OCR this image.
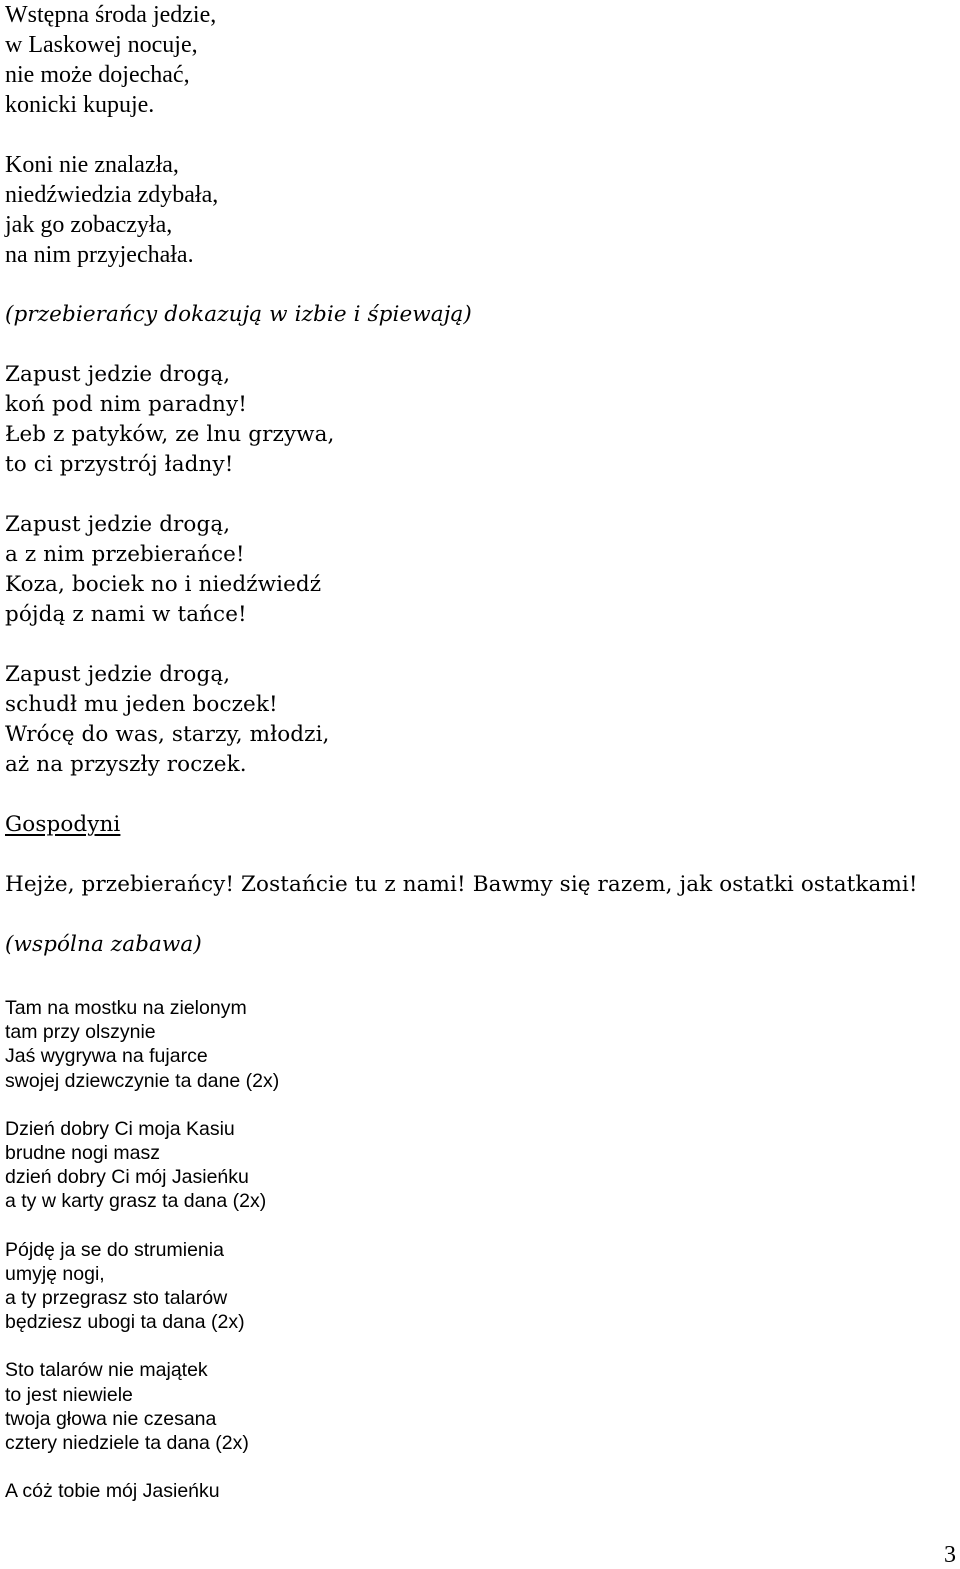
Wstępna środa jedzie,
w Laskowej nocuje,
nie może dojechać,
konicki kupuje.
Koni nie znalazła,
niedźwiedzia zdybała,
jak go zobaczyła,
na nim przyjechała.
(przebierańcy dokazują w izbie i śpiewają)
Zapust jedzie drogą,
koń pod nim paradny!
Łeb z patyków, ze lnu grzywa,
to ci przystrój ładny!
Zapust jedzie drogą,
a z nim przebierańce!
Koza, bociek no i niedźwiedź
pójdą z nami w tańce!
Zapust jedzie drogą,
schudł mu jeden boczek!
Wrócę do was, starzy, młodzi,
aż na przyszły roczek.
Gospodyni
Hejże, przebierańcy! Zostańcie tu z nami! Bawmy się razem, jak ostatki ostatkami!
(wspólna zabawa)
Tam na mostku na zielonym
tam przy olszynie
Jaś wygrywa na fujarce
swojej dziewczynie ta dane (2x)
Dzień dobry Ci moja Kasiu
brudne nogi masz
dzień dobry Ci mój Jasieńku
a ty w karty grasz ta dana (2x)
Pójdę ja se do strumienia
umyję nogi,
a ty przegrasz sto talarów
będziesz ubogi ta dana (2x)
Sto talarów nie majątek
to jest niewiele
twoja głowa nie czesana
cztery niedziele ta dana (2x)
A cóż tobie mój Jasieńku
3
